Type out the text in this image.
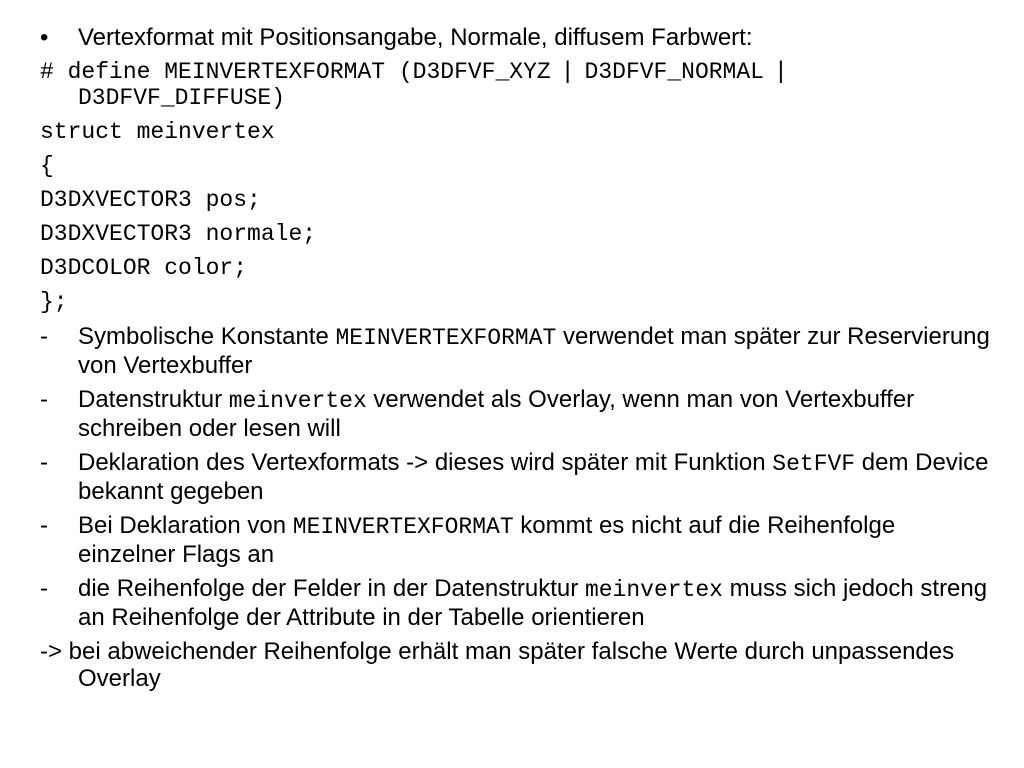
• Vertexformat mit Positionsangabe, Normale, diffusem Farbwert:
# define MEINVERTEXFORMAT (D3DFVF_XYZ | D3DFVF_NORMAL | D3DFVF_DIFFUSE)
struct meinvertex
{
D3DXVECTOR3 pos;
D3DXVECTOR3 normale;
D3DCOLOR color;
};
- Symbolische Konstante MEINVERTEXFORMAT verwendet man später zur Reservierung von Vertexbuffer
- Datenstruktur meinvertex verwendet als Overlay, wenn man von Vertexbuffer schreiben oder lesen will
- Deklaration des Vertexformats -> dieses wird später mit Funktion SetFVF dem Device bekannt gegeben
- Bei Deklaration von MEINVERTEXFORMAT kommt es nicht auf die Reihenfolge einzelner Flags an
- die Reihenfolge der Felder in der Datenstruktur meinvertex muss sich jedoch streng an Reihenfolge der Attribute in der Tabelle orientieren
-> bei abweichender Reihenfolge erhält man später falsche Werte durch unpassendes Overlay
